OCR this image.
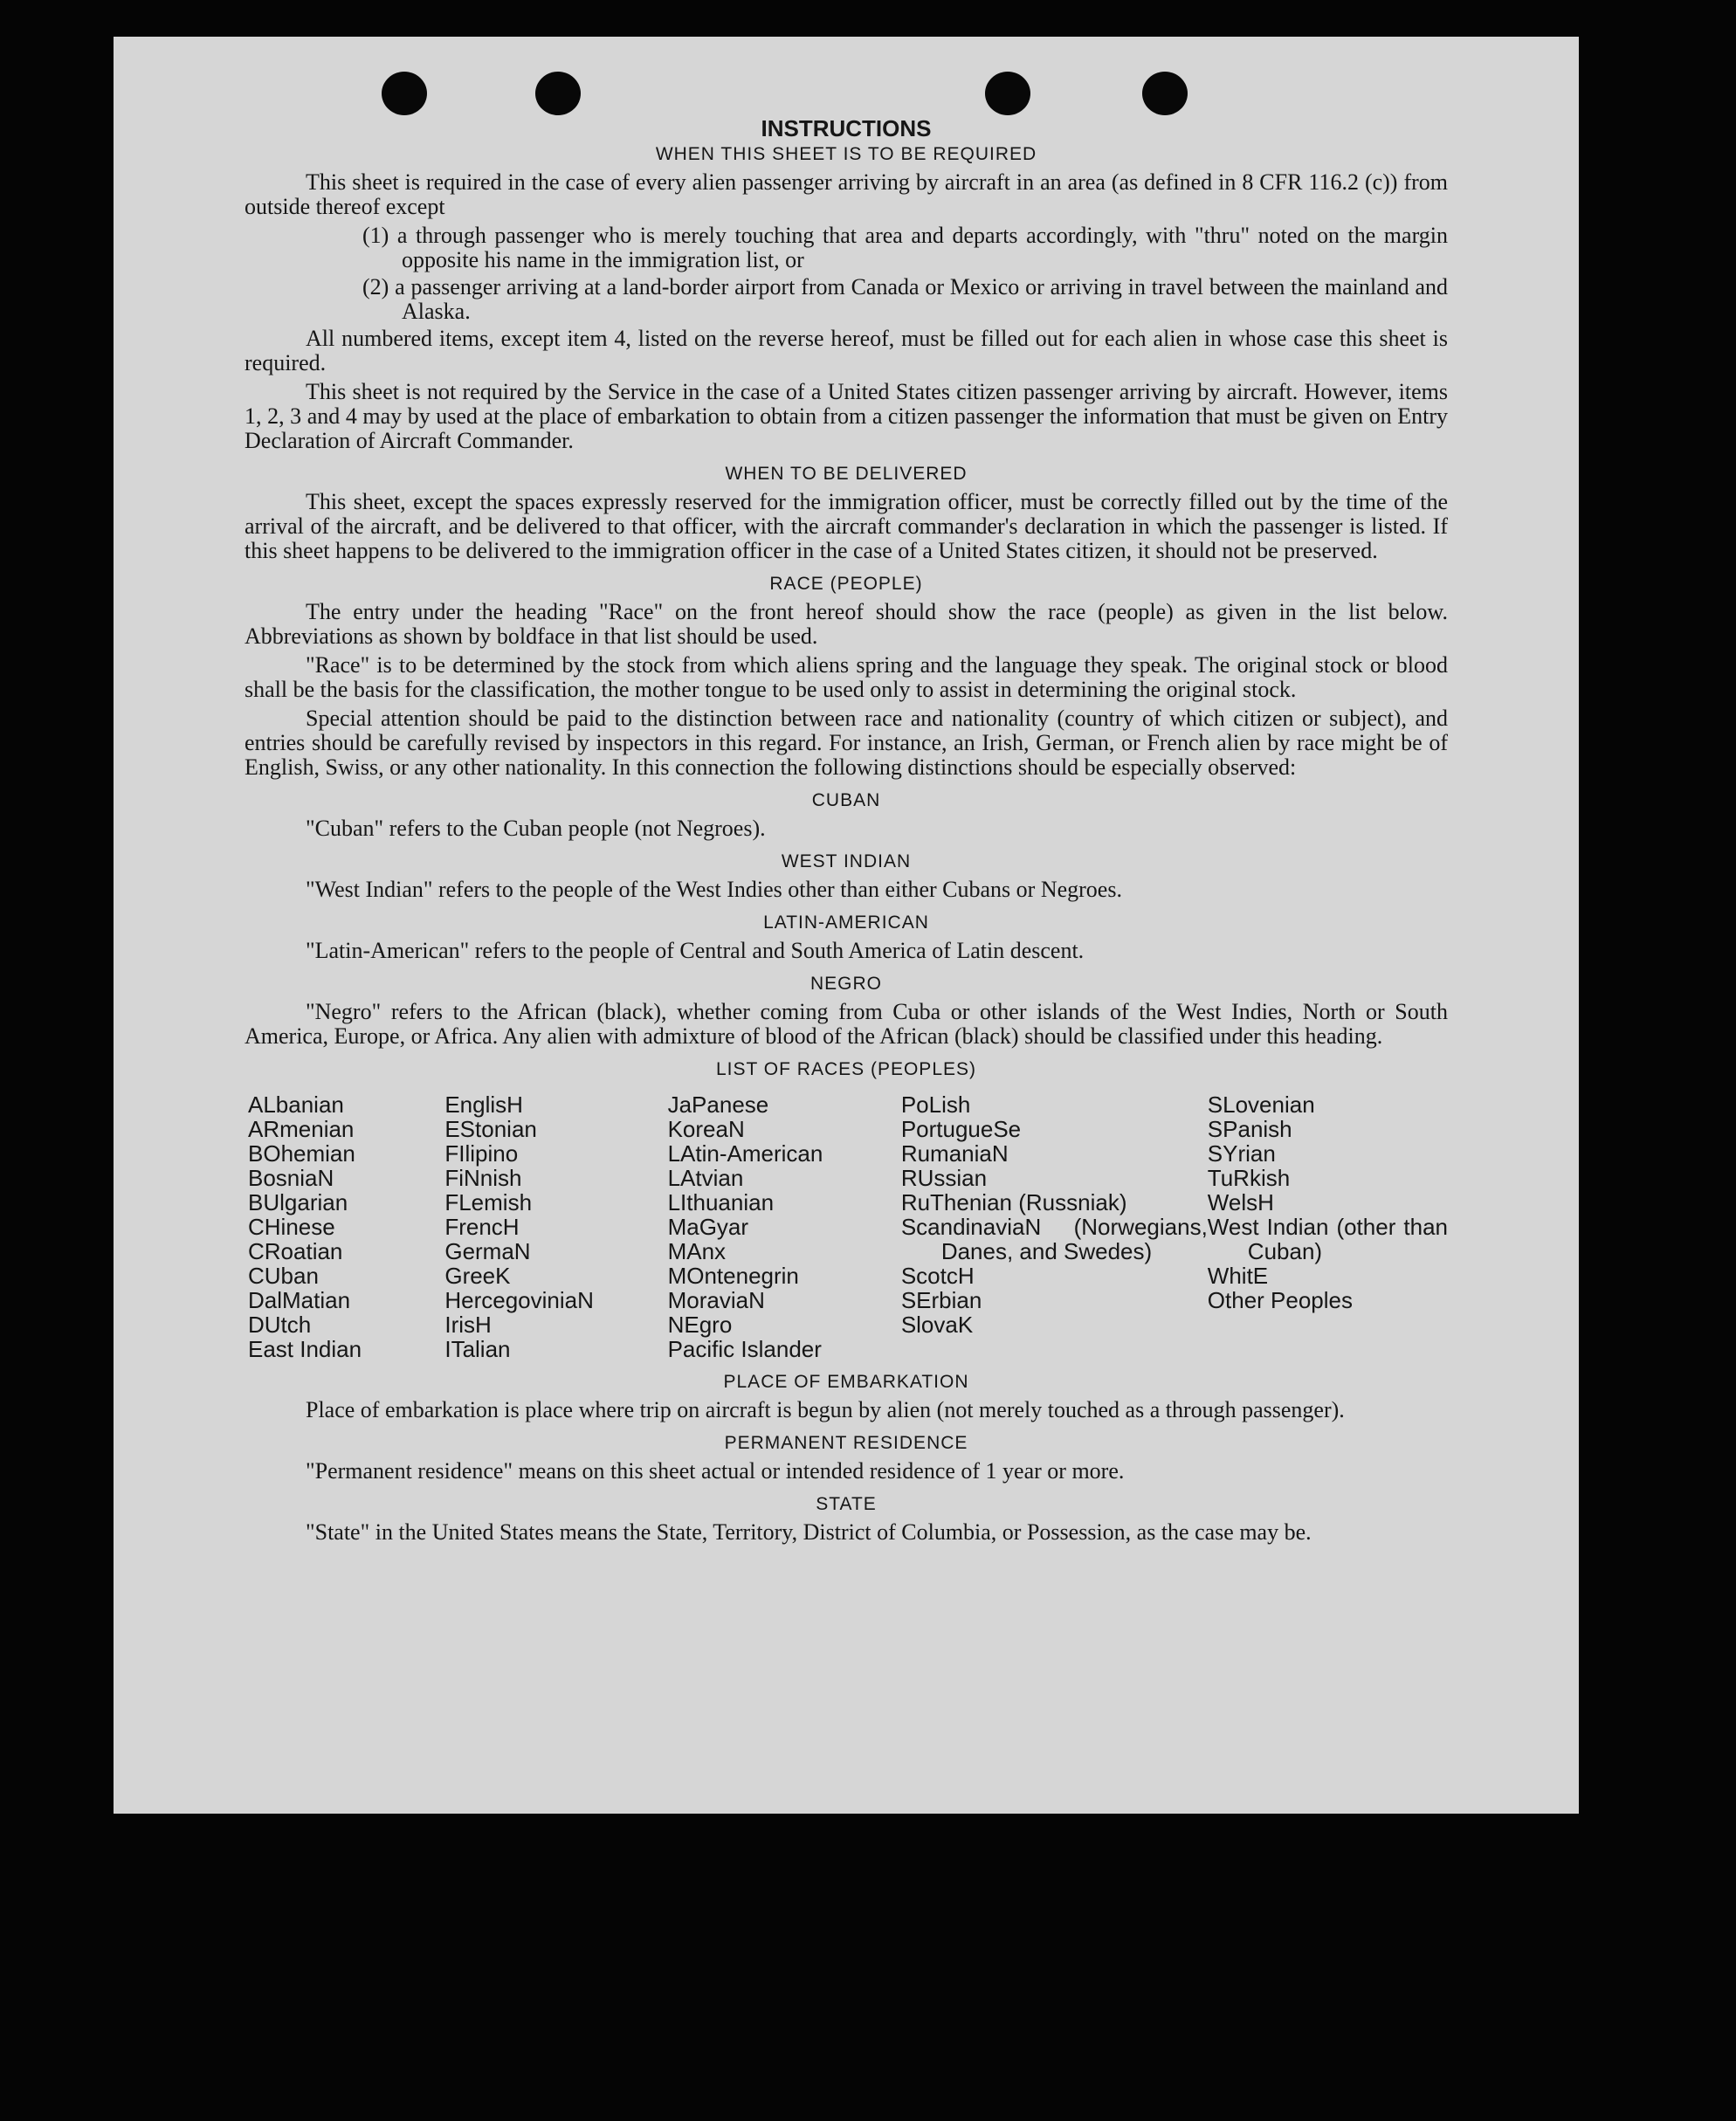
INSTRUCTIONS
WHEN THIS SHEET IS TO BE REQUIRED

This sheet is required in the case of every alien passenger arriving by aircraft in an area (as defined in 8 CFR 116.2 (c)) from outside thereof except

(1) a through passenger who is merely touching that area and departs accordingly, with "thru" noted on the margin opposite his name in the immigration list, or
(2) a passenger arriving at a land-border airport from Canada or Mexico or arriving in travel between the mainland and Alaska.

All numbered items, except item 4, listed on the reverse hereof, must be filled out for each alien in whose case this sheet is required.

This sheet is not required by the Service in the case of a United States citizen passenger arriving by aircraft. However, items 1, 2, 3 and 4 may by used at the place of embarkation to obtain from a citizen passenger the information that must be given on Entry Declaration of Aircraft Commander.

WHEN TO BE DELIVERED

This sheet, except the spaces expressly reserved for the immigration officer, must be correctly filled out by the time of the arrival of the aircraft, and be delivered to that officer, with the aircraft commander's declaration in which the passenger is listed. If this sheet happens to be delivered to the immigration officer in the case of a United States citizen, it should not be preserved.

RACE (PEOPLE)

The entry under the heading "Race" on the front hereof should show the race (people) as given in the list below. Abbreviations as shown by boldface in that list should be used.

"Race" is to be determined by the stock from which aliens spring and the language they speak. The original stock or blood shall be the basis for the classification, the mother tongue to be used only to assist in determining the original stock.

Special attention should be paid to the distinction between race and nationality (country of which citizen or subject), and entries should be carefully revised by inspectors in this regard. For instance, an Irish, German, or French alien by race might be of English, Swiss, or any other nationality. In this connection the following distinctions should be especially observed:

CUBAN

"Cuban" refers to the Cuban people (not Negroes).

WEST INDIAN

"West Indian" refers to the people of the West Indies other than either Cubans or Negroes.

LATIN-AMERICAN

"Latin-American" refers to the people of Central and South America of Latin descent.

NEGRO

"Negro" refers to the African (black), whether coming from Cuba or other islands of the West Indies, North or South America, Europe, or Africa. Any alien with admixture of blood of the African (black) should be classified under this heading.

LIST OF RACES (PEOPLES)
ALbanian
ARmenian
BOhemian
BosniaN
BUlgarian
CHinese
CRoatian
CUban
DalMatian
DUtch
East Indian
EnglisH
EStonian
FIlipino
FiNnish
FLemish
FrencH
GermaN
GreeK
HercegoviniaN
IrisH
ITalian
JaPanese
KoreaN
LAtin-American
LAtvian
LIthuanian
MaGyar
MAnx
MOntenegrin
MoraviaN
NEgro
Pacific Islander
PoLish
PortugueSe
RumaniaN
RUssian
RuThenian (Russniak)
ScandinaviaN (Norwegians, Danes, and Swedes)
ScotcH
SErbian
SlovaK
SLovenian
SPanish
SYrian
TuRkish
WelsH
West Indian (other than Cuban)
WhitE
Other Peoples
PLACE OF EMBARKATION

Place of embarkation is place where trip on aircraft is begun by alien (not merely touched as a through passenger).

PERMANENT RESIDENCE

"Permanent residence" means on this sheet actual or intended residence of 1 year or more.

STATE

"State" in the United States means the State, Territory, District of Columbia, or Possession, as the case may be.
